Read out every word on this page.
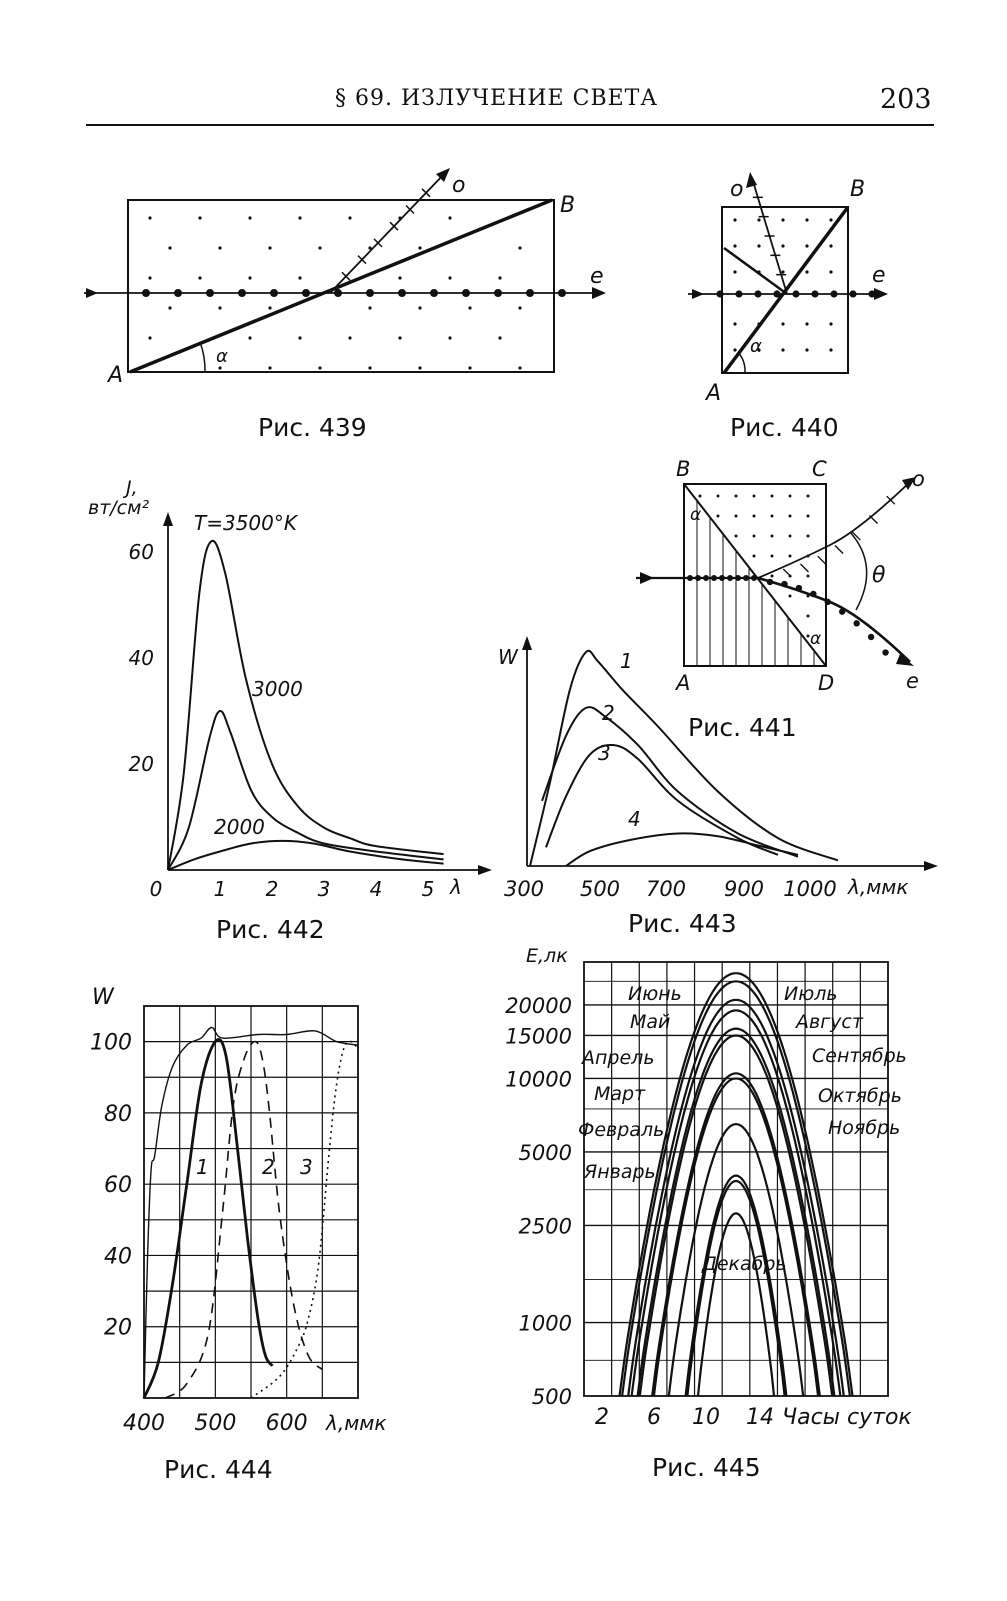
§ 69. ИЗЛУЧЕНИЕ СВЕТА	203
A
B
o
e
α
Рис. 439
A
B
o
e
α
Рис. 440
B	C
A	D
o
e
α
α
θ
Рис. 441
0	1 2 3 4 5
20
40
60
J,
вт/см²
λ
T=3500°K
3000
2000
Рис. 442
300 500 700 900 1000
W
λ,ммк
1
2
3
4
Рис. 443
400 500 600
20
40
60
80
100
W
λ,ммк
1	2 3
Рис. 444
500
1000
2500
5000
10000
15000
20000
2 6 10 14
E,лк
Часы суток
Июнь	Июль
Май	Август
Апрель	Сентябрь
Март	Октябрь
Февраль	Ноябрь
Январь
Декабрь
Рис. 445
